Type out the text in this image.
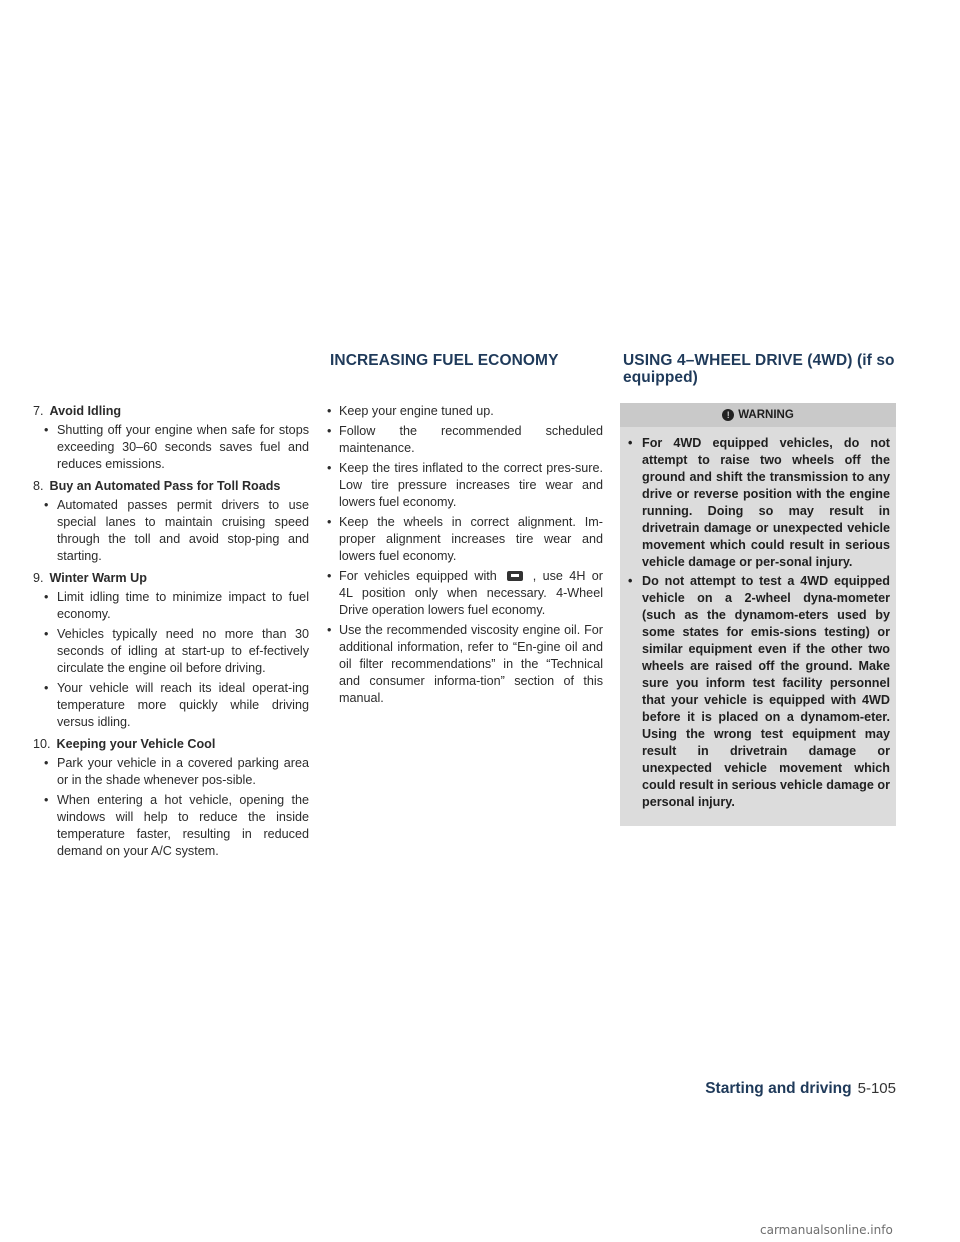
INCREASING FUEL ECONOMY	USING 4–WHEEL DRIVE (4WD) (if so equipped)
7. Avoid Idling
• Shutting off your engine when safe for stops exceeding 30–60 seconds saves fuel and reduces emissions.
8. Buy an Automated Pass for Toll Roads
• Automated passes permit drivers to use special lanes to maintain cruising speed through the toll and avoid stop-ping and starting.
9. Winter Warm Up
• Limit idling time to minimize impact to fuel economy.
• Vehicles typically need no more than 30 seconds of idling at start-up to ef-fectively circulate the engine oil before driving.
• Your vehicle will reach its ideal operat-ing temperature more quickly while driving versus idling.
10. Keeping your Vehicle Cool
• Park your vehicle in a covered parking area or in the shade whenever pos-sible.
• When entering a hot vehicle, opening the windows will help to reduce the inside temperature faster, resulting in reduced demand on your A/C system.
• Keep your engine tuned up.
• Follow the recommended scheduled maintenance.
• Keep the tires inflated to the correct pres-sure. Low tire pressure increases tire wear and lowers fuel economy.
• Keep the wheels in correct alignment. Im-proper alignment increases tire wear and lowers fuel economy.
• For vehicles equipped with	, use 4H or 4L position only when necessary. 4-Wheel Drive operation lowers fuel economy.
• Use the recommended viscosity engine oil. For additional information, refer to “En-gine oil and oil filter recommendations” in the “Technical and consumer informa-tion” section of this manual.
! WARNING
• For 4WD equipped vehicles, do not attempt to raise two wheels off the ground and shift the transmission to any drive or reverse position with the engine running. Doing so may result in drivetrain damage or unexpected vehicle movement which could result in serious vehicle damage or per-sonal injury.
• Do not attempt to test a 4WD equipped vehicle on a 2-wheel dyna-mometer (such as the dynamom-eters used by some states for emis-sions testing) or similar equipment even if the other two wheels are raised off the ground. Make sure you inform test facility personnel that your vehicle is equipped with 4WD before it is placed on a dynamom-eter. Using the wrong test equipment may result in drivetrain damage or unexpected vehicle movement which could result in serious vehicle damage or personal injury.
Starting and driving 5-105
carmanualsonline.info
